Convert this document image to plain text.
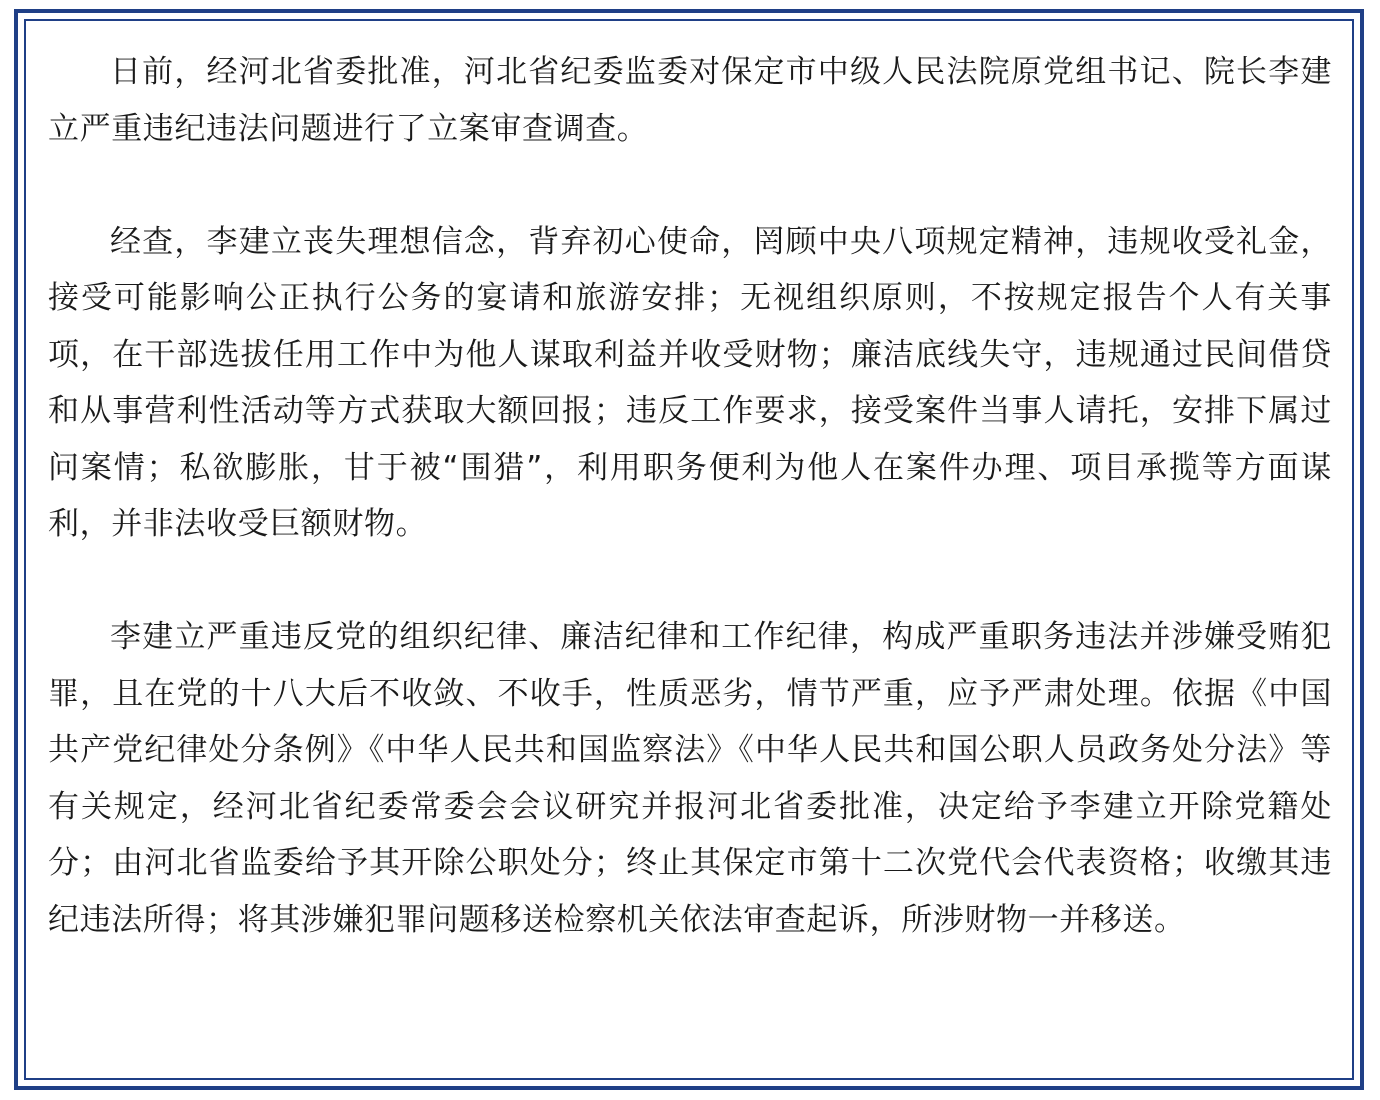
日前，经河北省委批准，河北省纪委监委对保定市中级人民法院原党组书记、院长李建立严重违纪违法问题进行了立案审查调查。

经查，李建立丧失理想信念，背弃初心使命，罔顾中央八项规定精神，违规收受礼金，接受可能影响公正执行公务的宴请和旅游安排；无视组织原则，不按规定报告个人有关事项，在干部选拔任用工作中为他人谋取利益并收受财物；廉洁底线失守，违规通过民间借贷和从事营利性活动等方式获取大额回报；违反工作要求，接受案件当事人请托，安排下属过问案情；私欲膨胀，甘于被“围猎”，利用职务便利为他人在案件办理、项目承揽等方面谋利，并非法收受巨额财物。

李建立严重违反党的组织纪律、廉洁纪律和工作纪律，构成严重职务违法并涉嫌受贿犯罪，且在党的十八大后不收敛、不收手，性质恶劣，情节严重，应予严肃处理。依据《中国共产党纪律处分条例》《中华人民共和国监察法》《中华人民共和国公职人员政务处分法》等有关规定，经河北省纪委常委会会议研究并报河北省委批准，决定给予李建立开除党籍处分；由河北省监委给予其开除公职处分；终止其保定市第十二次党代会代表资格；收缴其违纪违法所得；将其涉嫌犯罪问题移送检察机关依法审查起诉，所涉财物一并移送。
